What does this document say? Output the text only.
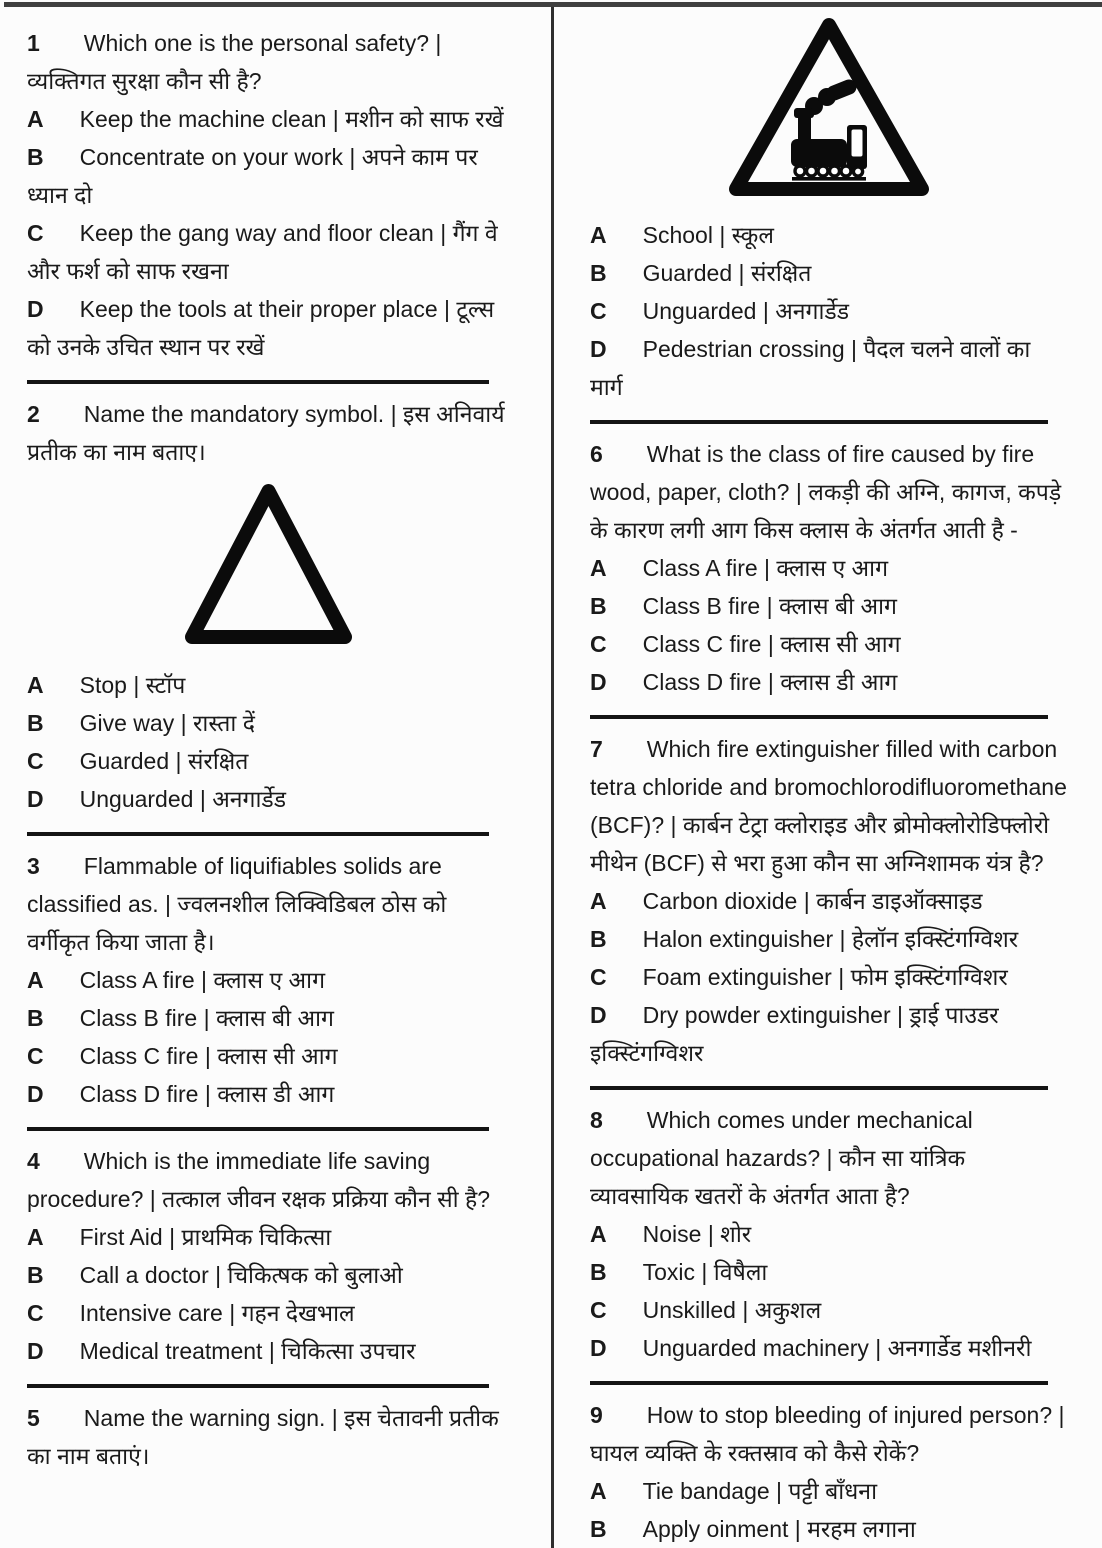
1 Which one is the personal safety? | व्यक्तिगत सुरक्षा कौन सी है?

A Keep the machine clean | मशीन को साफ रखें

B Concentrate on your work | अपने काम पर ध्यान दो

C Keep the gang way and floor clean | गैंग वे और फर्श को साफ रखना

D Keep the tools at their proper place | टूल्स को उनके उचित स्थान पर रखें

2 Name the mandatory symbol. | इस अनिवार्य प्रतीक का नाम बताए।

A Stop | स्टॉप

B Give way | रास्ता दें

C Guarded | संरक्षित

D Unguarded | अनगार्डेड

3 Flammable of liquifiables solids are classified as. | ज्वलनशील लिक्विडिबल ठोस को वर्गीकृत किया जाता है।

A Class A fire | क्लास ए आग

B Class B fire | क्लास बी आग

C Class C fire | क्लास सी आग

D Class D fire | क्लास डी आग

4 Which is the immediate life saving procedure? | तत्काल जीवन रक्षक प्रक्रिया कौन सी है?

A First Aid | प्राथमिक चिकित्सा

B Call a doctor | चिकित्षक को बुलाओ

C Intensive care | गहन देखभाल

D Medical treatment | चिकित्सा उपचार

5 Name the warning sign. | इस चेतावनी प्रतीक का नाम बताएं।

A School | स्कूल

B Guarded | संरक्षित

C Unguarded | अनगार्डेड

D Pedestrian crossing | पैदल चलने वालों का मार्ग

6 What is the class of fire caused by fire wood, paper, cloth? | लकड़ी की अग्नि, कागज, कपड़े के कारण लगी आग किस क्लास के अंतर्गत आती है -

A Class A fire | क्लास ए आग

B Class B fire | क्लास बी आग

C Class C fire | क्लास सी आग

D Class D fire | क्लास डी आग

7 Which fire extinguisher filled with carbon tetra chloride and bromochlorodifluoromethane (BCF)? | कार्बन टेट्रा क्लोराइड और ब्रोमोक्लोरोडिफ्लोरो मीथेन (BCF) से भरा हुआ कौन सा अग्निशामक यंत्र है?

A Carbon dioxide | कार्बन डाइऑक्साइड

B Halon extinguisher | हेलॉन इक्स्टिंगग्विशर

C Foam extinguisher | फोम इक्स्टिंगग्विशर

D Dry powder extinguisher | ड्राई पाउडर इक्स्टिंगग्विशर

8 Which comes under mechanical occupational hazards? | कौन सा यांत्रिक व्यावसायिक खतरों के अंतर्गत आता है?

A Noise | शोर

B Toxic | विषैला

C Unskilled | अकुशल

D Unguarded machinery | अनगार्डेड मशीनरी

9 How to stop bleeding of injured person? | घायल व्यक्ति के रक्तस्राव को कैसे रोकें?

A Tie bandage | पट्टी बाँधना

B Apply oinment | मरहम लगाना
